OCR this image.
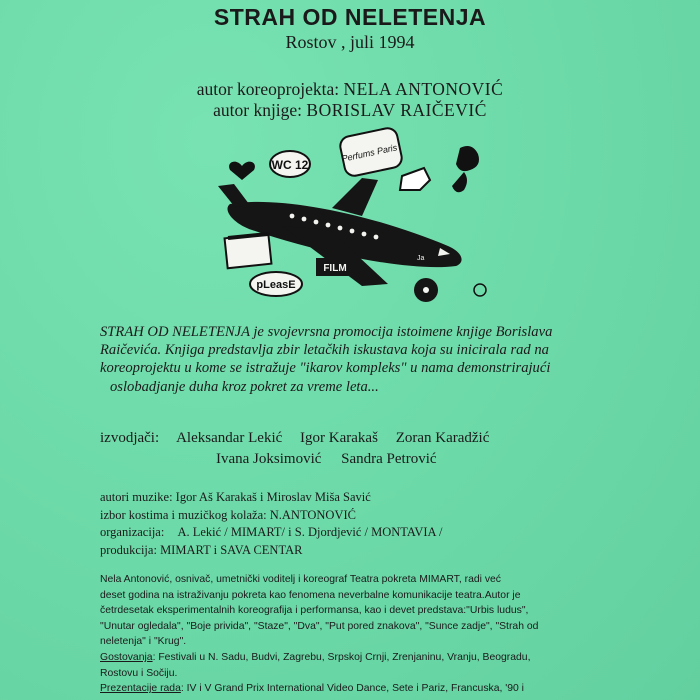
STRAH OD NELETENJA
Rostov , juli 1994
autor koreoprojekta: NELA ANTONOVIĆ
autor knjige: BORISLAV RAIČEVIĆ
WC 12
Perfums Paris
Ja
pLeasE
FILM
STRAH OD NELETENJA je svojevrsna promocija istoimene knjige Borislava
Raičevića. Knjiga predstavlja zbir letačkih iskustava koja su inicirala rad na
koreoprojektu u kome se istražuje "ikarov kompleks" u nama demonstrirajući
oslobadjanje duha kroz pokret za vreme leta...
izvodjači: Aleksandar Lekić Igor Karakaš Zoran Karadžić
Ivana Joksimović Sandra Petrović
autori muzike: Igor Aš Karakaš i Miroslav Miša Savić
izbor kostima i muzičkog kolaža: N.ANTONOVIĆ
organizacija: A. Lekić / MIMART/ i S. Djordjević / MONTAVIA /
produkcija: MIMART i SAVA CENTAR
Nela Antonović, osnivač, umetnički voditelj i koreograf Teatra pokreta MIMART, radi već
deset godina na istraživanju pokreta kao fenomena neverbalne komunikacije teatra.Autor je
četrdesetak eksperimentalnih koreografija i performansa, kao i devet predstava:"Urbis ludus",
"Unutar ogledala", "Boje privida", "Staze", "Dva", "Put pored znakova", "Sunce zadje", "Strah od
neletenja" i "Krug".
Gostovanja: Festivali u N. Sadu, Budvi, Zagrebu, Srpskoj Crnji, Zrenjaninu, Vranju, Beogradu,
Rostovu i Sočiju.
Prezentacije rada: IV i V Grand Prix International Video Dance, Sete i Pariz, Francuska, '90 i
